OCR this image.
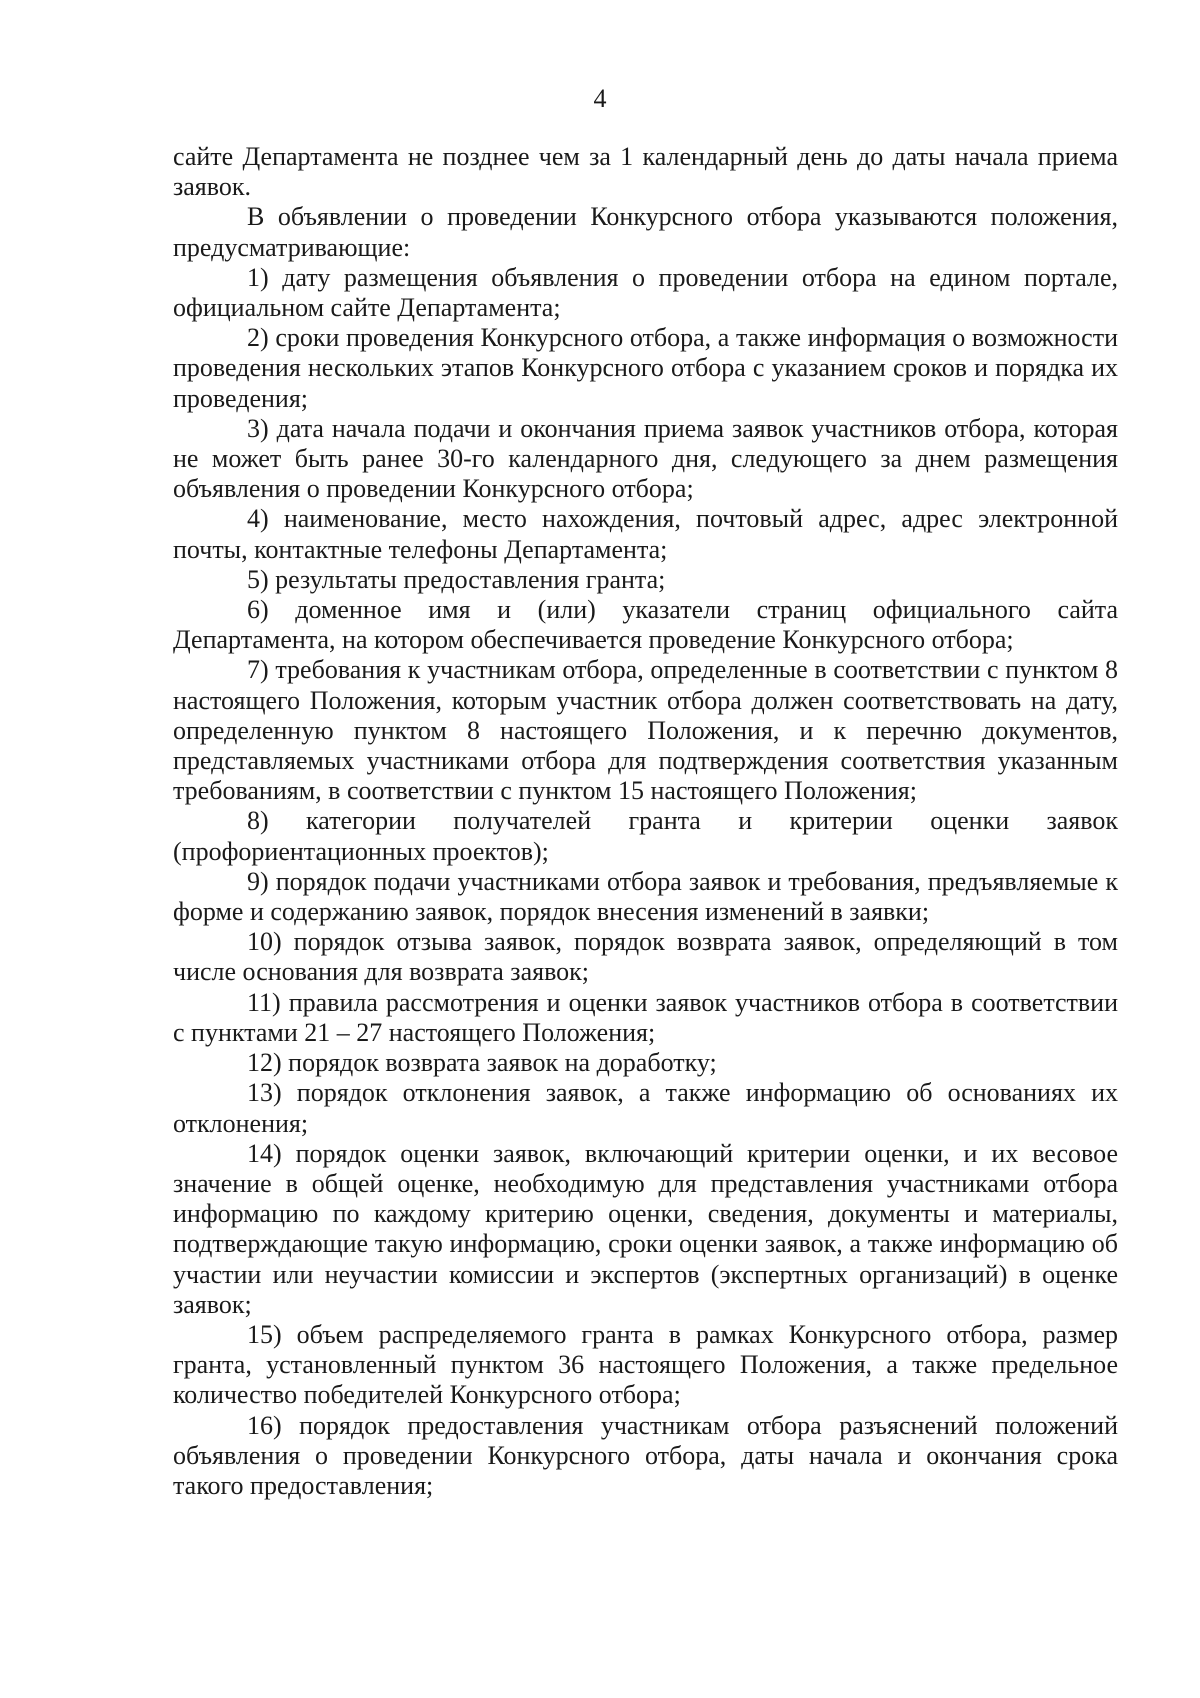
4

сайте Департамента не позднее чем за 1 календарный день до даты начала приема заявок.

В объявлении о проведении Конкурсного отбора указываются положения, предусматривающие:

1) дату размещения объявления о проведении отбора на едином портале, официальном сайте Департамента;

2) сроки проведения Конкурсного отбора, а также информация о возможности проведения нескольких этапов Конкурсного отбора с указанием сроков и порядка их проведения;

3) дата начала подачи и окончания приема заявок участников отбора, которая не может быть ранее 30-го календарного дня, следующего за днем размещения объявления о проведении Конкурсного отбора;

4) наименование, место нахождения, почтовый адрес, адрес электронной почты, контактные телефоны Департамента;

5) результаты предоставления гранта;

6) доменное имя и (или) указатели страниц официального сайта Департамента, на котором обеспечивается проведение Конкурсного отбора;

7) требования к участникам отбора, определенные в соответствии с пунктом 8 настоящего Положения, которым участник отбора должен соответствовать на дату, определенную пунктом 8 настоящего Положения, и к перечню документов, представляемых участниками отбора для подтверждения соответствия указанным требованиям, в соответствии с пунктом 15 настоящего Положения;

8) категории получателей гранта и критерии оценки заявок (профориентационных проектов);

9) порядок подачи участниками отбора заявок и требования, предъявляемые к форме и содержанию заявок, порядок внесения изменений в заявки;

10) порядок отзыва заявок, порядок возврата заявок, определяющий в том числе основания для возврата заявок;

11) правила рассмотрения и оценки заявок участников отбора в соответствии с пунктами 21 – 27 настоящего Положения;

12) порядок возврата заявок на доработку;

13) порядок отклонения заявок, а также информацию об основаниях их отклонения;

14) порядок оценки заявок, включающий критерии оценки, и их весовое значение в общей оценке, необходимую для представления участниками отбора информацию по каждому критерию оценки, сведения, документы и материалы, подтверждающие такую информацию, сроки оценки заявок, а также информацию об участии или неучастии комиссии и экспертов (экспертных организаций) в оценке заявок;

15) объем распределяемого гранта в рамках Конкурсного отбора, размер гранта, установленный пунктом 36 настоящего Положения, а также предельное количество победителей Конкурсного отбора;

16) порядок предоставления участникам отбора разъяснений положений объявления о проведении Конкурсного отбора, даты начала и окончания срока такого предоставления;
